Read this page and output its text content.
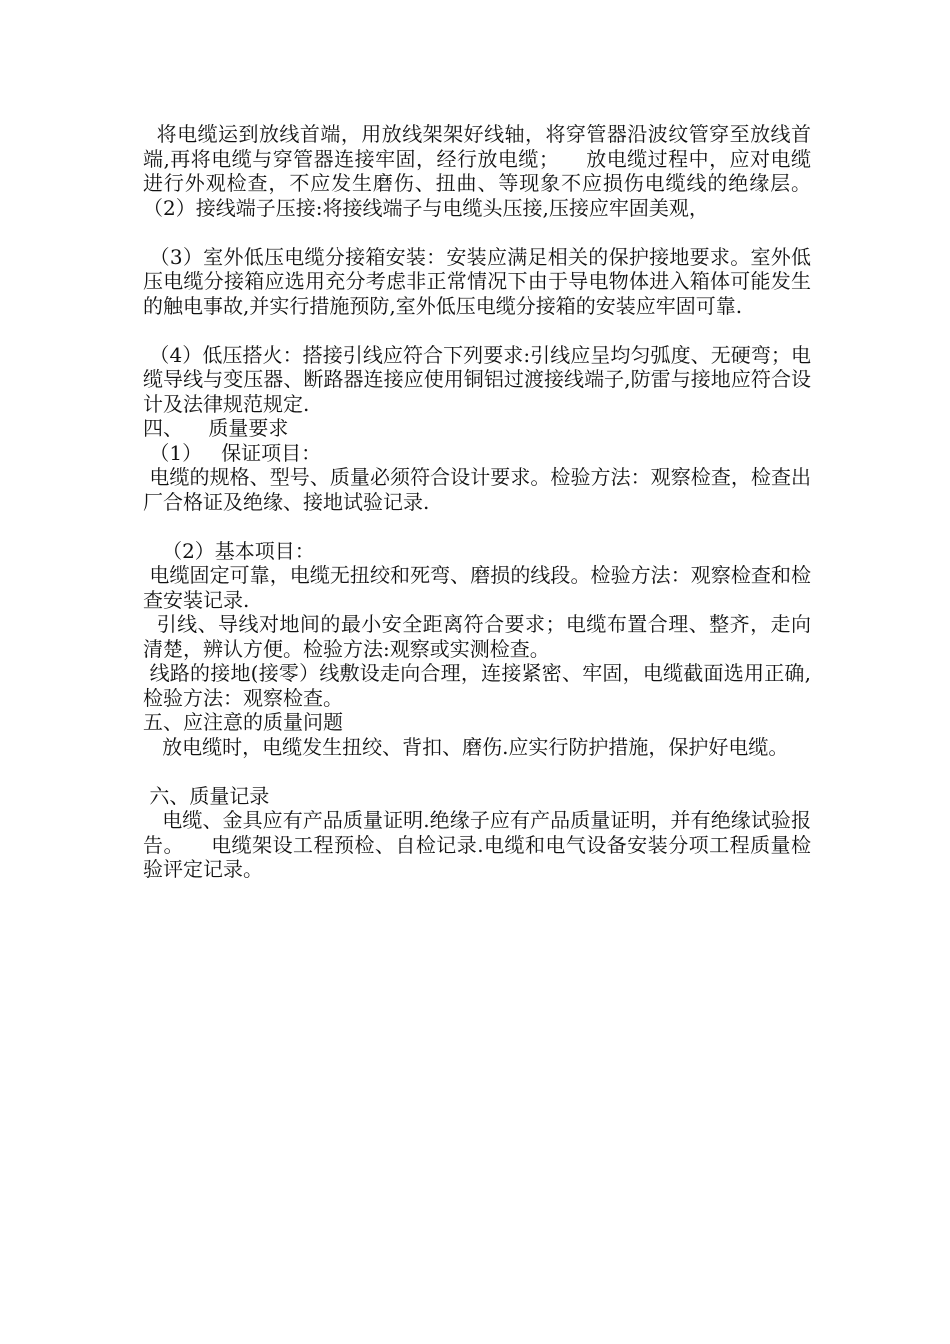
将电缆运到放线首端，用放线架架好线轴，将穿管器沿波纹管穿至放线首端,再将电缆与穿管器连接牢固，经行放电缆；    放电缆过程中，应对电缆进行外观检查，不应发生磨伤、扭曲、等现象不应损伤电缆线的绝缘层。    （2）接线端子压接:将接线端子与电缆头压接,压接应牢固美观，

（3）室外低压电缆分接箱安装：安装应满足相关的保护接地要求。室外低压电缆分接箱应选用充分考虑非正常情况下由于导电物体进入箱体可能发生的触电事故,并实行措施预防,室外低压电缆分接箱的安装应牢固可靠.

（4）低压搭火：搭接引线应符合下列要求:引线应呈均匀弧度、无硬弯；电缆导线与变压器、断路器连接应使用铜铝过渡接线端子,防雷与接地应符合设计及法律规范规定.

四、    质量要求

（1）   保证项目：

电缆的规格、型号、质量必须符合设计要求。检验方法：观察检查，检查出厂合格证及绝缘、接地试验记录.

（2）基本项目：

电缆固定可靠，电缆无扭绞和死弯、磨损的线段。检验方法：观察检查和检查安装记录.

引线、导线对地间的最小安全距离符合要求；电缆布置合理、整齐，走向清楚，辨认方便。检验方法:观察或实测检查。

线路的接地(接零）线敷设走向合理，连接紧密、牢固，电缆截面选用正确,检验方法：观察检查。

五、应注意的质量问题

放电缆时，电缆发生扭绞、背扣、磨伤.应实行防护措施，保护好电缆。

六、质量记录

电缆、金具应有产品质量证明.绝缘子应有产品质量证明，并有绝缘试验报告。    电缆架设工程预检、自检记录.电缆和电气设备安装分项工程质量检验评定记录。
